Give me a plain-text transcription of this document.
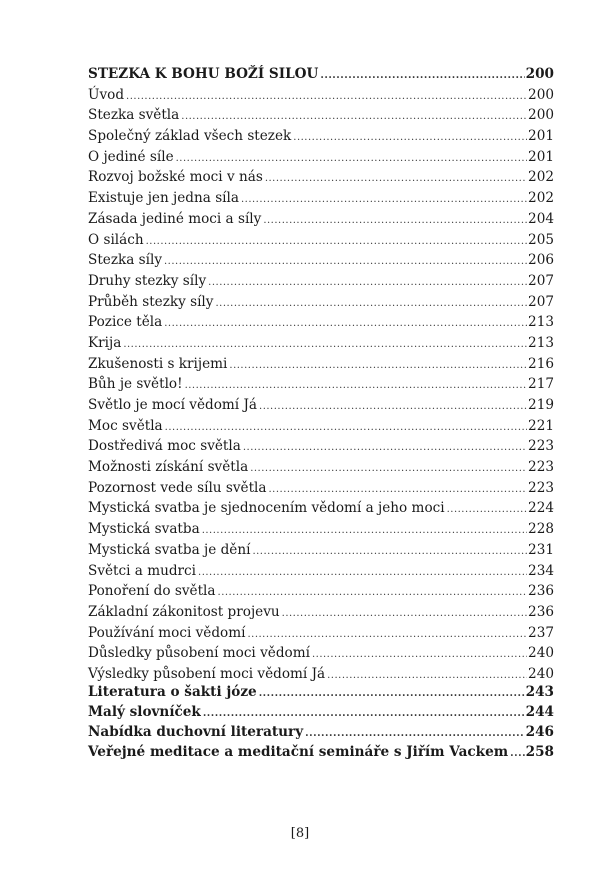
STEZKA K BOHU BOŽÍ SILOU .....	200
Úvod .....	200
Stezka světla .....	200
Společný základ všech stezek .....	201
O jediné síle .....	201
Rozvoj božské moci v nás .....	202
Existuje jen jedna síla .....	202
Zásada jediné moci a síly .....	204
O silách .....	205
Stezka síly .....	206
Druhy stezky síly .....	207
Průběh stezky síly .....	207
Pozice těla .....	213
Krija .....	213
Zkušenosti s krijemi .....	216
Bůh je světlo! .....	217
Světlo je mocí vědomí Já .....	219
Moc světla .....	221
Dostředivá moc světla .....	223
Možnosti získání světla .....	223
Pozornost vede sílu světla .....	223
Mystická svatba je sjednocením vědomí a jeho moci .....	224
Mystická svatba .....	228
Mystická svatba je dění .....	231
Světci a mudrci .....	234
Ponoření do světla .....	236
Základní zákonitost projevu .....	236
Používání moci vědomí .....	237
Důsledky působení moci vědomí .....	240
Výsledky působení moci vědomí Já .....	240
Literatura o šakti józe .....	243
Malý slovníček .....	244
Nabídka duchovní literatury .....	246
Veřejné meditace a meditační semináře s Jiřím Vackem ..... 258
[8]
